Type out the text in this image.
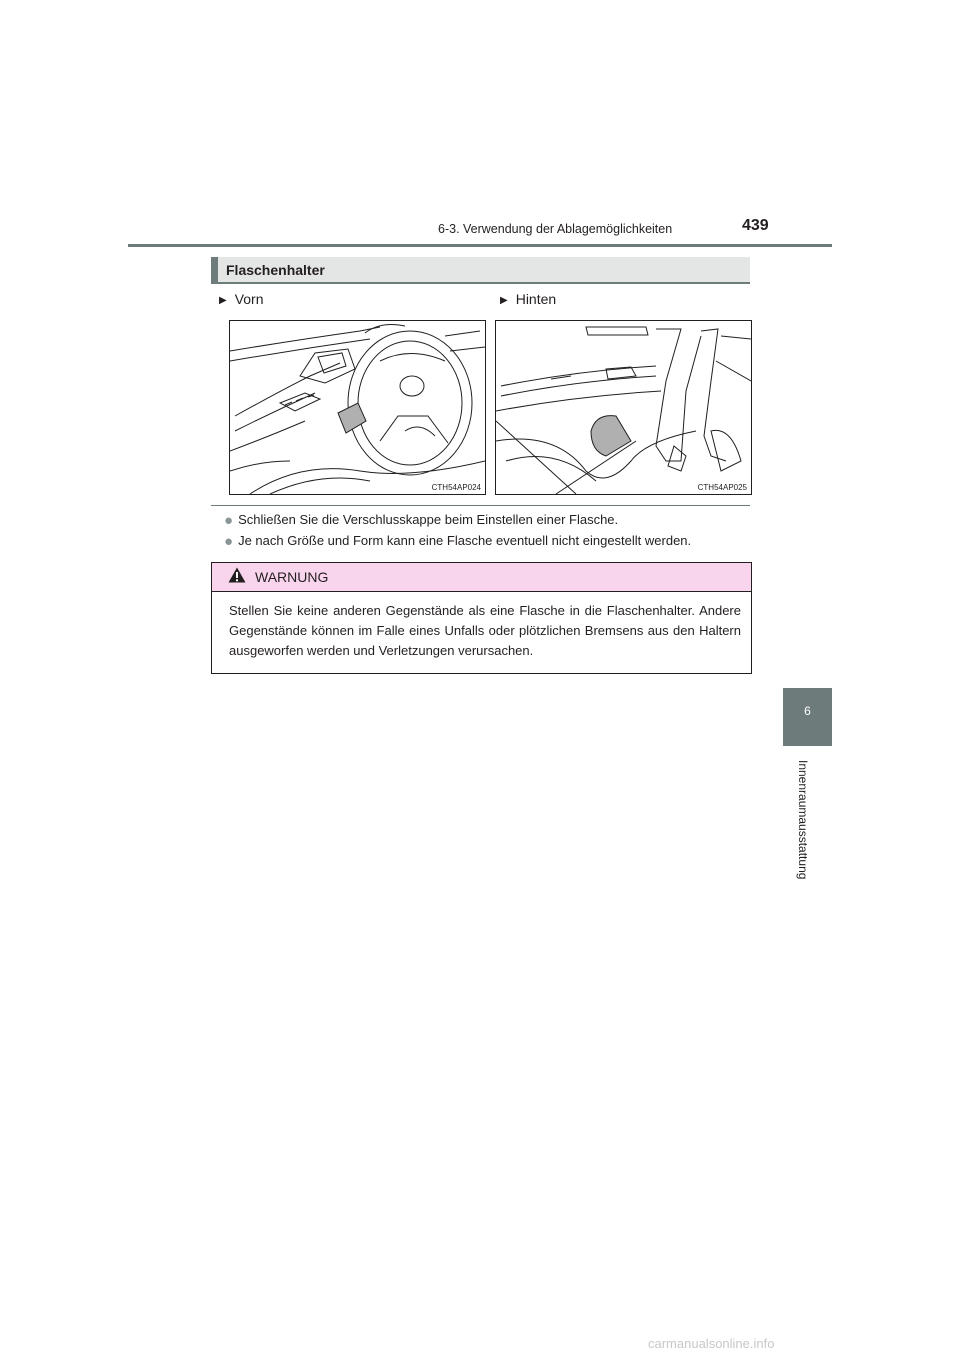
6-3. Verwendung der Ablagemöglichkeiten	439
6
Innenraumausstattung
Flaschenhalter
▶ Vorn	▶ Hinten
CTH54AP024	CTH54AP025
● Schließen Sie die Verschlusskappe beim Einstellen einer Flasche.
● Je nach Größe und Form kann eine Flasche eventuell nicht eingestellt werden.
WARNUNG
Stellen Sie keine anderen Gegenstände als eine Flasche in die Flaschenhalter. Andere Gegenstände können im Falle eines Unfalls oder plötzlichen Bremsens aus den Haltern ausgeworfen werden und Verletzungen verursachen.
carmanualsonline.info
